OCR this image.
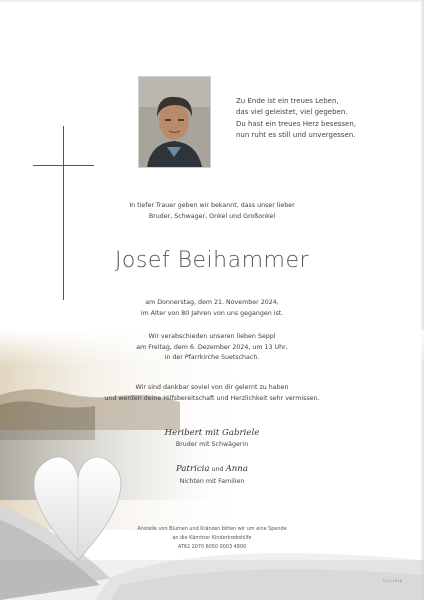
Zu Ende ist ein treues Leben,
das viel geleistet, viel gegeben.
Du hast ein treues Herz besessen,
nun ruht es still und unvergessen.
In tiefer Trauer geben wir bekannt, dass unser lieber
Bruder, Schwager, Onkel und Großonkel
Josef Beihammer
am Donnerstag, dem 21. November 2024,
im Alter von 80 Jahren von uns gegangen ist.
Wir verabschieden unseren lieben Seppl
am Freitag, dem 6. Dezember 2024, um 13 Uhr,
in der Pfarrkirche Suetschach.
Wir sind dankbar soviel von dir gelernt zu haben
und werden deine Hilfsbereitschaft und Herzlichkeit sehr vermissen.
Heribert mit Gabriele
Bruder mit Schwägerin
Patricia und Anna
Nichten mit Familien
Anstelle von Blumen und Kränzen bitten wir um eine Spende
an die Kärntner Kinderkrebshilfe
AT62 2070 6050 0003 4800
3-17-1546
